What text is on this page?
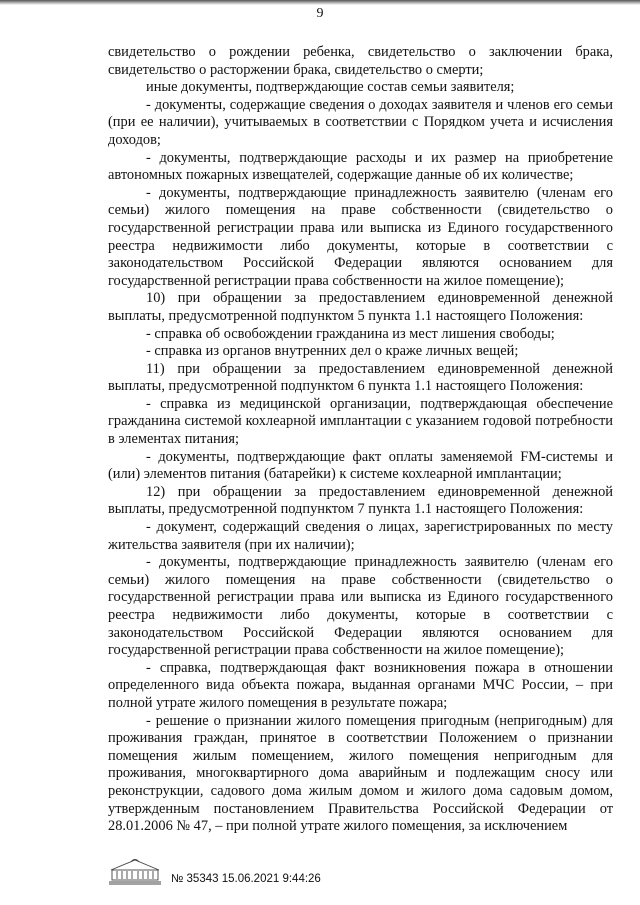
9

свидетельство о рождении ребенка, свидетельство о заключении брака, свидетельство о расторжении брака, свидетельство о смерти;

иные документы, подтверждающие состав семьи заявителя;

- документы, содержащие сведения о доходах заявителя и членов его семьи (при ее наличии), учитываемых в соответствии с Порядком учета и исчисления доходов;

- документы, подтверждающие расходы и их размер на приобретение автономных пожарных извещателей, содержащие данные об их количестве;

- документы, подтверждающие принадлежность заявителю (членам его семьи) жилого помещения на праве собственности (свидетельство о государственной регистрации права или выписка из Единого государственного реестра недвижимости либо документы, которые в соответствии с законодательством Российской Федерации являются основанием для государственной регистрации права собственности на жилое помещение);

10) при обращении за предоставлением единовременной денежной выплаты, предусмотренной подпунктом 5 пункта 1.1 настоящего Положения:

- справка об освобождении гражданина из мест лишения свободы;

- справка из органов внутренних дел о краже личных вещей;

11) при обращении за предоставлением единовременной денежной выплаты, предусмотренной подпунктом 6 пункта 1.1 настоящего Положения:

- справка из медицинской организации, подтверждающая обеспечение гражданина системой кохлеарной имплантации с указанием годовой потребности в элементах питания;

- документы, подтверждающие факт оплаты заменяемой FM-системы и (или) элементов питания (батарейки) к системе кохлеарной имплантации;

12) при обращении за предоставлением единовременной денежной выплаты, предусмотренной подпунктом 7 пункта 1.1 настоящего Положения:

- документ, содержащий сведения о лицах, зарегистрированных по месту жительства заявителя (при их наличии);

- документы, подтверждающие принадлежность заявителю (членам его семьи) жилого помещения на праве собственности (свидетельство о государственной регистрации права или выписка из Единого государственного реестра недвижимости либо документы, которые в соответствии с законодательством Российской Федерации являются основанием для государственной регистрации права собственности на жилое помещение);

- справка, подтверждающая факт возникновения пожара в отношении определенного вида объекта пожара, выданная органами МЧС России, – при полной утрате жилого помещения в результате пожара;

- решение о признании жилого помещения пригодным (непригодным) для проживания граждан, принятое в соответствии Положением о признании помещения жилым помещением, жилого помещения непригодным для проживания, многоквартирного дома аварийным и подлежащим сносу или реконструкции, садового дома жилым домом и жилого дома садовым домом, утвержденным постановлением Правительства Российской Федерации от 28.01.2006 № 47, – при полной утрате жилого помещения, за исключением

№ 35343 15.06.2021 9:44:26
